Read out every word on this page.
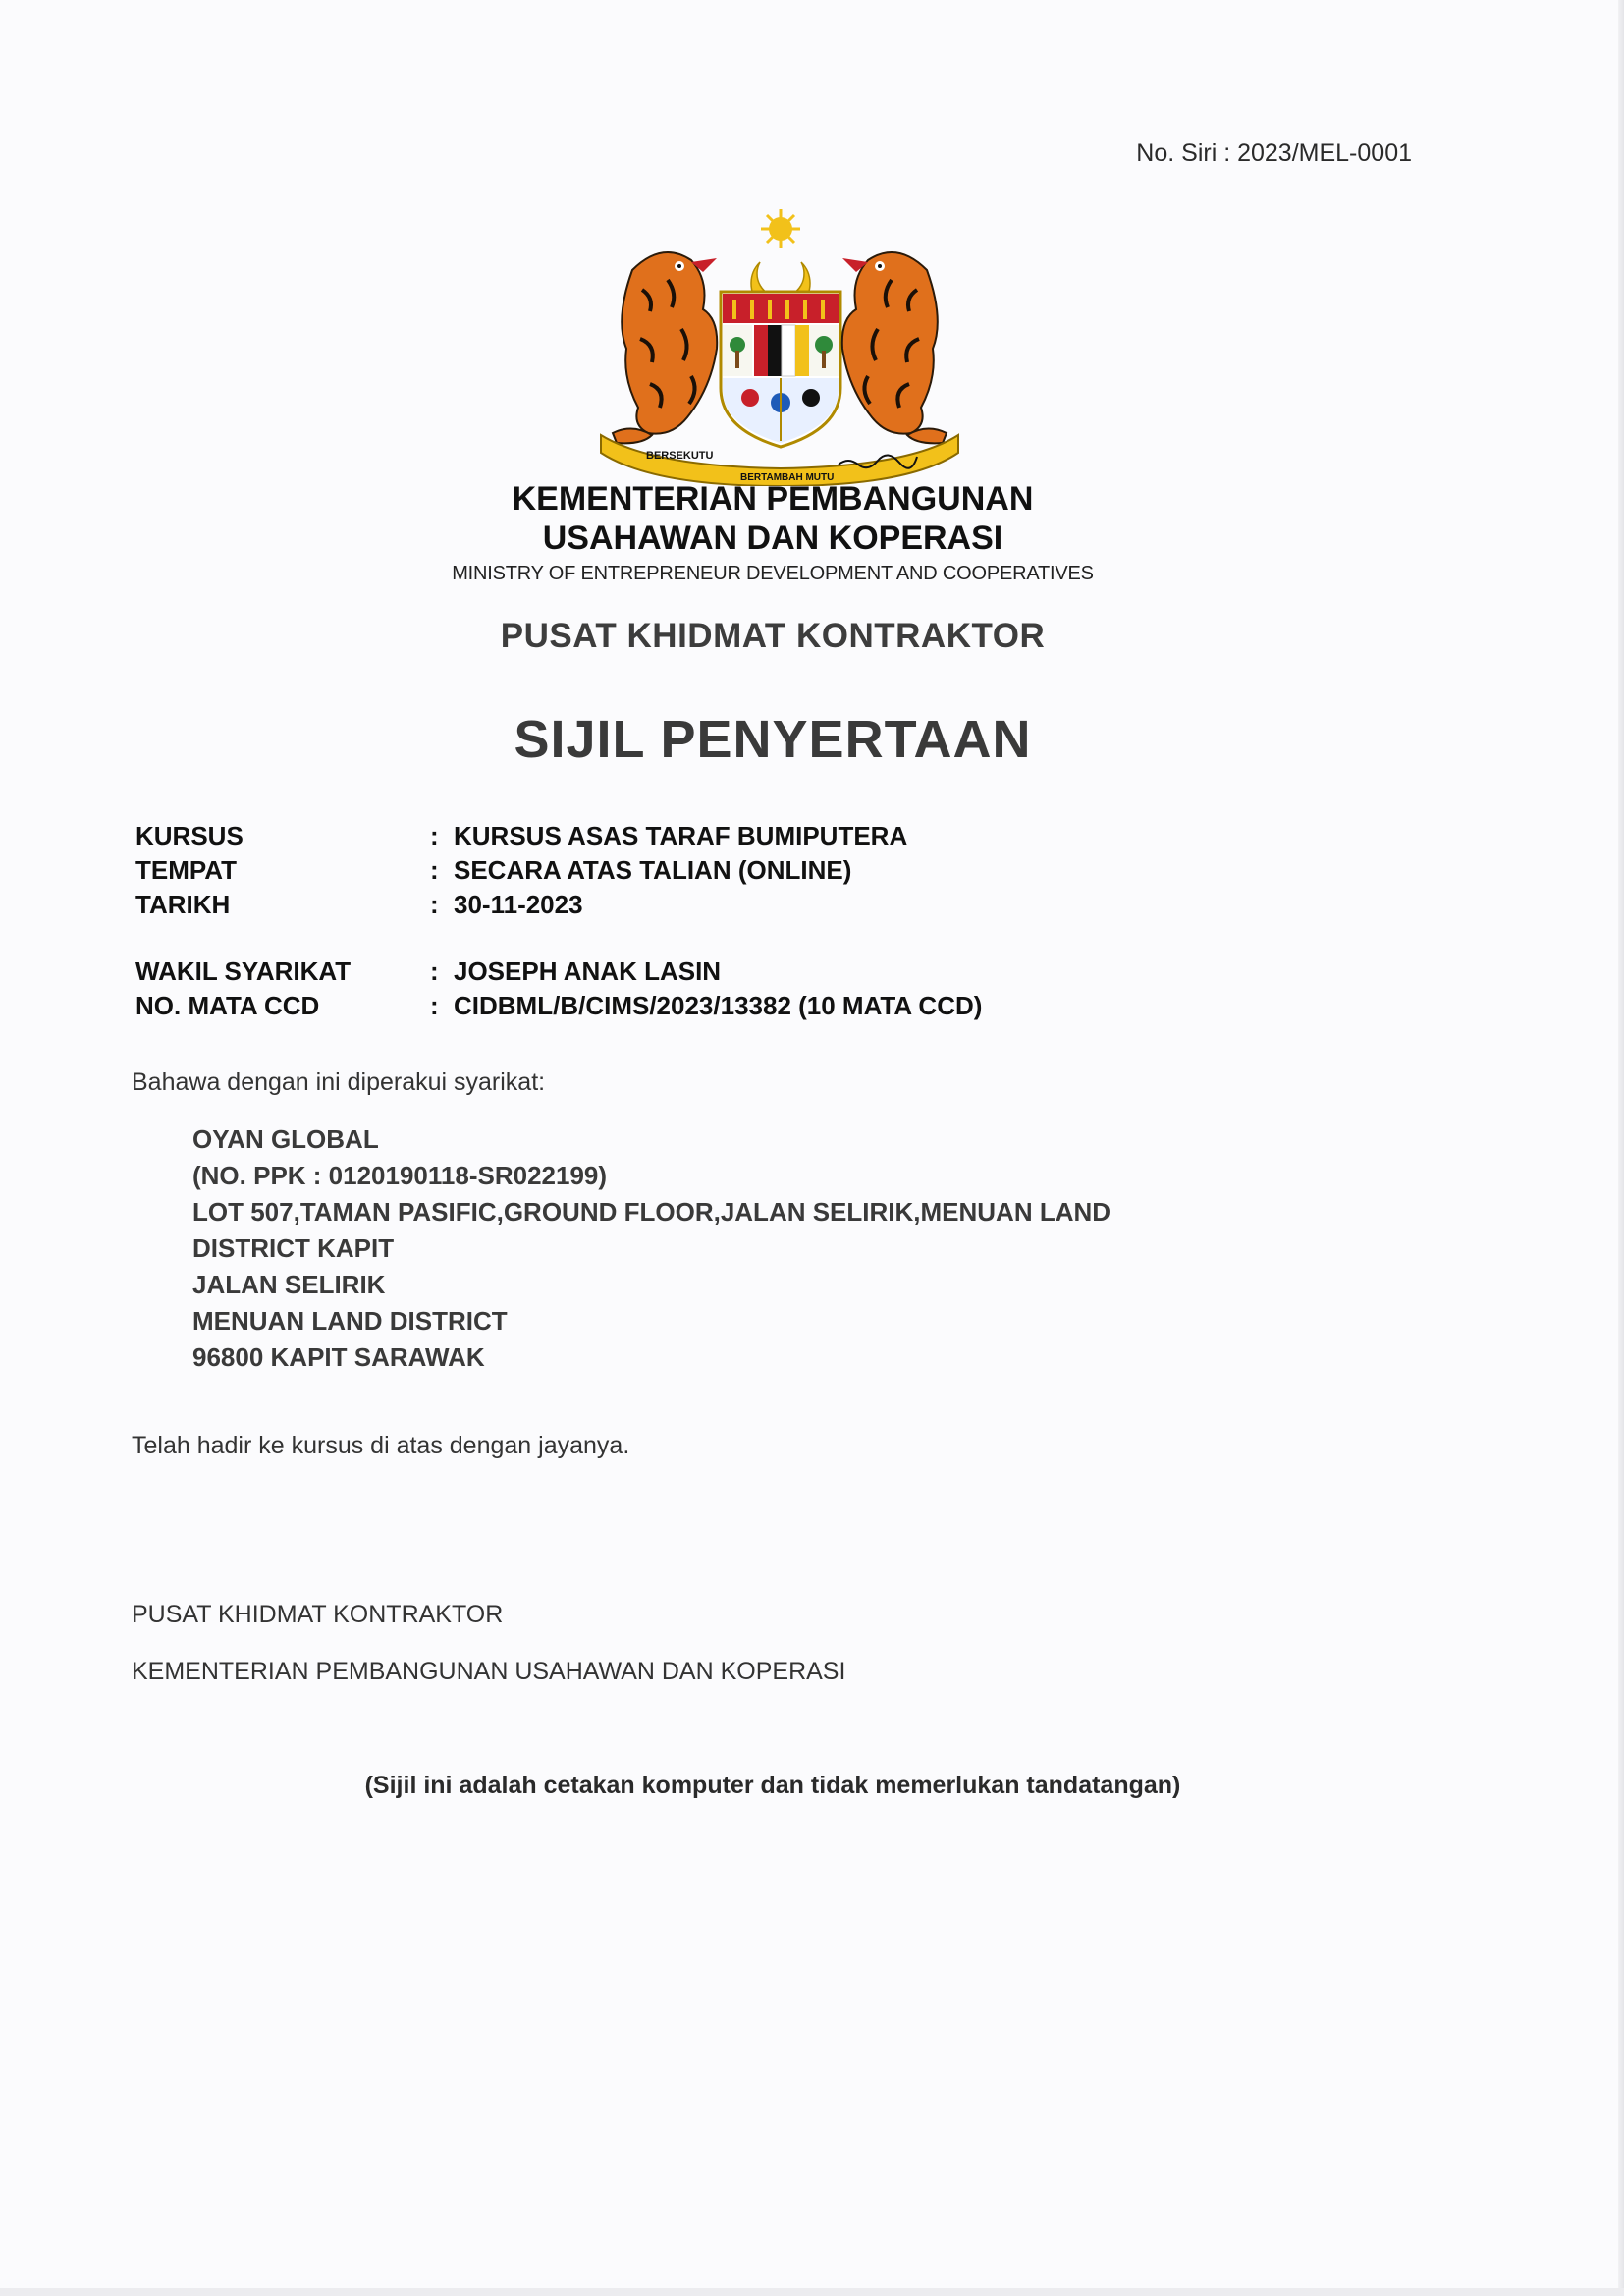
No. Siri : 2023/MEL-0001
BERSEKUTU
BERTAMBAH MUTU
KEMENTERIAN PEMBANGUNAN
USAHAWAN DAN KOPERASI
MINISTRY OF ENTREPRENEUR DEVELOPMENT AND COOPERATIVES
PUSAT KHIDMAT KONTRAKTOR
SIJIL PENYERTAAN
KURSUS	: KURSUS ASAS TARAF BUMIPUTERA
TEMPAT	: SECARA ATAS TALIAN (ONLINE)
TARIKH	: 30-11-2023
WAKIL SYARIKAT	: JOSEPH ANAK LASIN
NO. MATA CCD	: CIDBML/B/CIMS/2023/13382 (10 MATA CCD)
Bahawa dengan ini diperakui syarikat:
OYAN GLOBAL
(NO. PPK : 0120190118-SR022199)
LOT 507,TAMAN PASIFIC,GROUND FLOOR,JALAN SELIRIK,MENUAN LAND
DISTRICT KAPIT
JALAN SELIRIK
MENUAN LAND DISTRICT
96800 KAPIT SARAWAK
Telah hadir ke kursus di atas dengan jayanya.
PUSAT KHIDMAT KONTRAKTOR
KEMENTERIAN PEMBANGUNAN USAHAWAN DAN KOPERASI
(Sijil ini adalah cetakan komputer dan tidak memerlukan tandatangan)
